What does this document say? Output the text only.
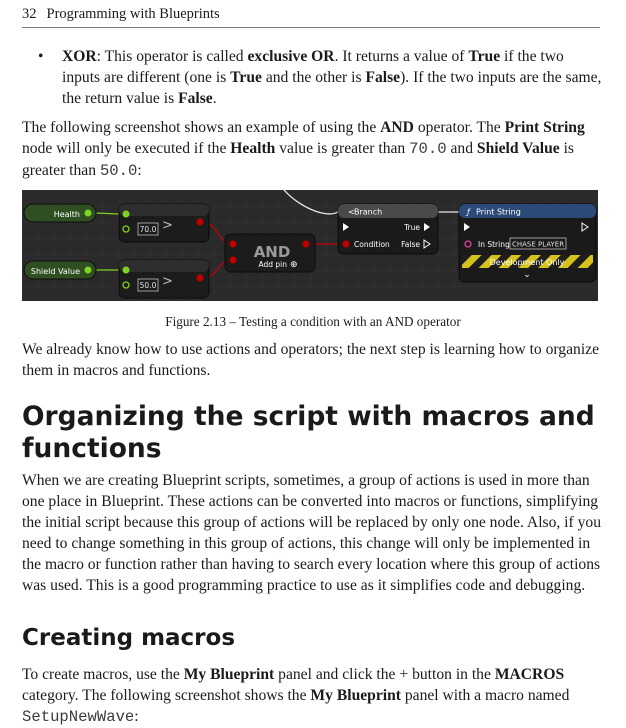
32 Programming with Blueprints
• XOR: This operator is called exclusive OR. It returns a value of True if the two inputs are different (one is True and the other is False). If the two inputs are the same, the return value is False.

The following screenshot shows an example of using the AND operator. The Print String node will only be executed if the Health value is greater than 70.0 and Shield Value is greater than 50.0:

Health
Shield Value
70.0 >
50.0 >
AND
Add pin ⊕
< Branch
True
Condition False
ƒ Print String
In String CHASE PLAYER
Development Only
⌄
Figure 2.13 – Testing a condition with an AND operator

We already know how to use actions and operators; the next step is learning how to organize them in macros and functions.

Organizing the script with macros and functions

When we are creating Blueprint scripts, sometimes, a group of actions is used in more than one place in Blueprint. These actions can be converted into macros or functions, simplifying the initial script because this group of actions will be replaced by only one node. Also, if you need to change something in this group of actions, this change will only be implemented in the macro or function rather than having to search every location where this group of actions was used. This is a good programming practice to use as it simplifies code and debugging.

Creating macros

To create macros, use the My Blueprint panel and click the + button in the MACROS category. The following screenshot shows the My Blueprint panel with a macro named SetupNewWave:
